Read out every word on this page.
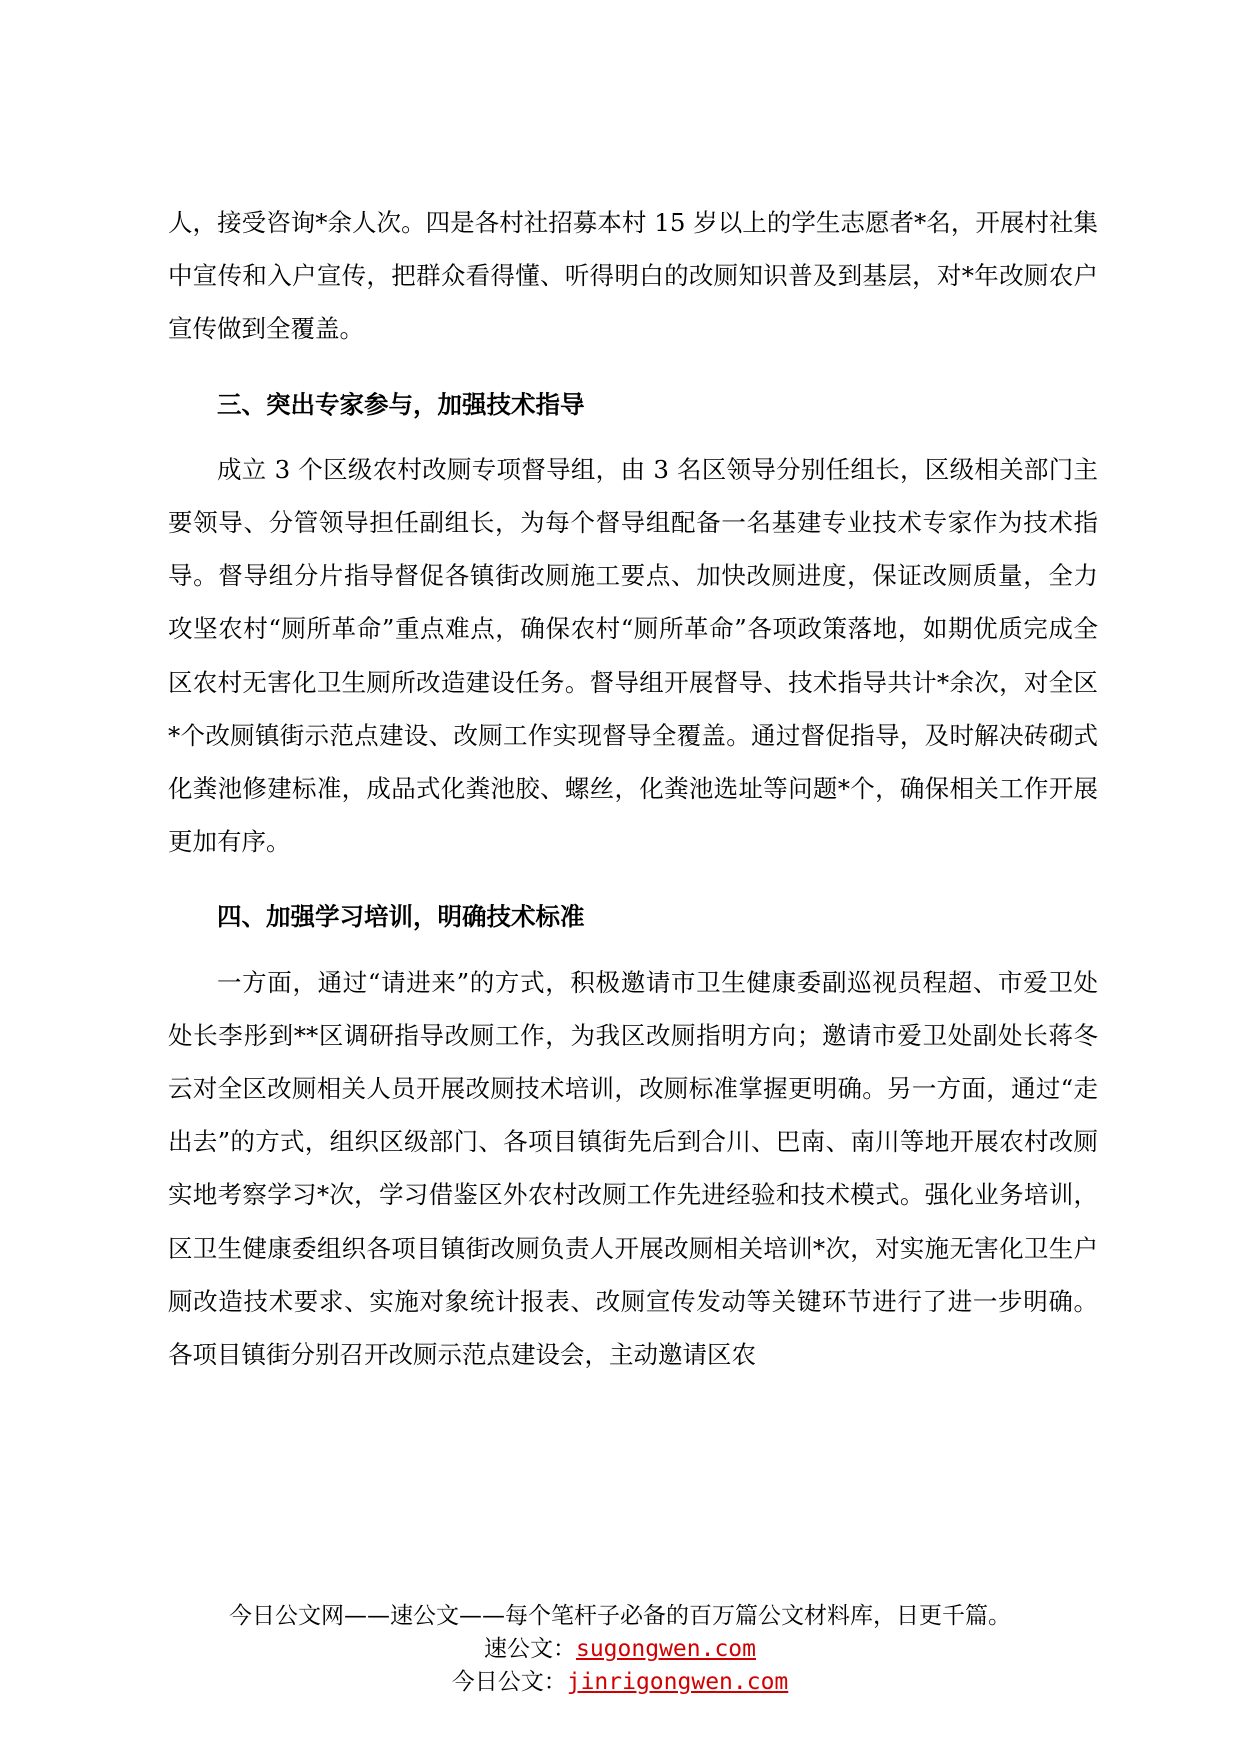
人，接受咨询*余人次。四是各村社招募本村 15 岁以上的学生志愿者*名，开展村社集中宣传和入户宣传，把群众看得懂、听得明白的改厕知识普及到基层，对*年改厕农户宣传做到全覆盖。

三、突出专家参与，加强技术指导

成立 3 个区级农村改厕专项督导组，由 3 名区领导分别任组长，区级相关部门主要领导、分管领导担任副组长，为每个督导组配备一名基建专业技术专家作为技术指导。督导组分片指导督促各镇街改厕施工要点、加快改厕进度，保证改厕质量，全力攻坚农村“厕所革命”重点难点，确保农村“厕所革命”各项政策落地，如期优质完成全区农村无害化卫生厕所改造建设任务。督导组开展督导、技术指导共计*余次，对全区*个改厕镇街示范点建设、改厕工作实现督导全覆盖。通过督促指导，及时解决砖砌式化粪池修建标准，成品式化粪池胶、螺丝，化粪池选址等问题*个，确保相关工作开展更加有序。

四、加强学习培训，明确技术标准

一方面，通过“请进来”的方式，积极邀请市卫生健康委副巡视员程超、市爱卫处处长李彤到**区调研指导改厕工作，为我区改厕指明方向；邀请市爱卫处副处长蒋冬云对全区改厕相关人员开展改厕技术培训，改厕标准掌握更明确。另一方面，通过“走出去”的方式，组织区级部门、各项目镇街先后到合川、巴南、南川等地开展农村改厕实地考察学习*次，学习借鉴区外农村改厕工作先进经验和技术模式。强化业务培训，区卫生健康委组织各项目镇街改厕负责人开展改厕相关培训*次，对实施无害化卫生户厕改造技术要求、实施对象统计报表、改厕宣传发动等关键环节进行了进一步明确。各项目镇街分别召开改厕示范点建设会，主动邀请区农

今日公文网——速公文——每个笔杆子必备的百万篇公文材料库，日更千篇。
速公文：sugongwen.com
今日公文：jinrigongwen.com
